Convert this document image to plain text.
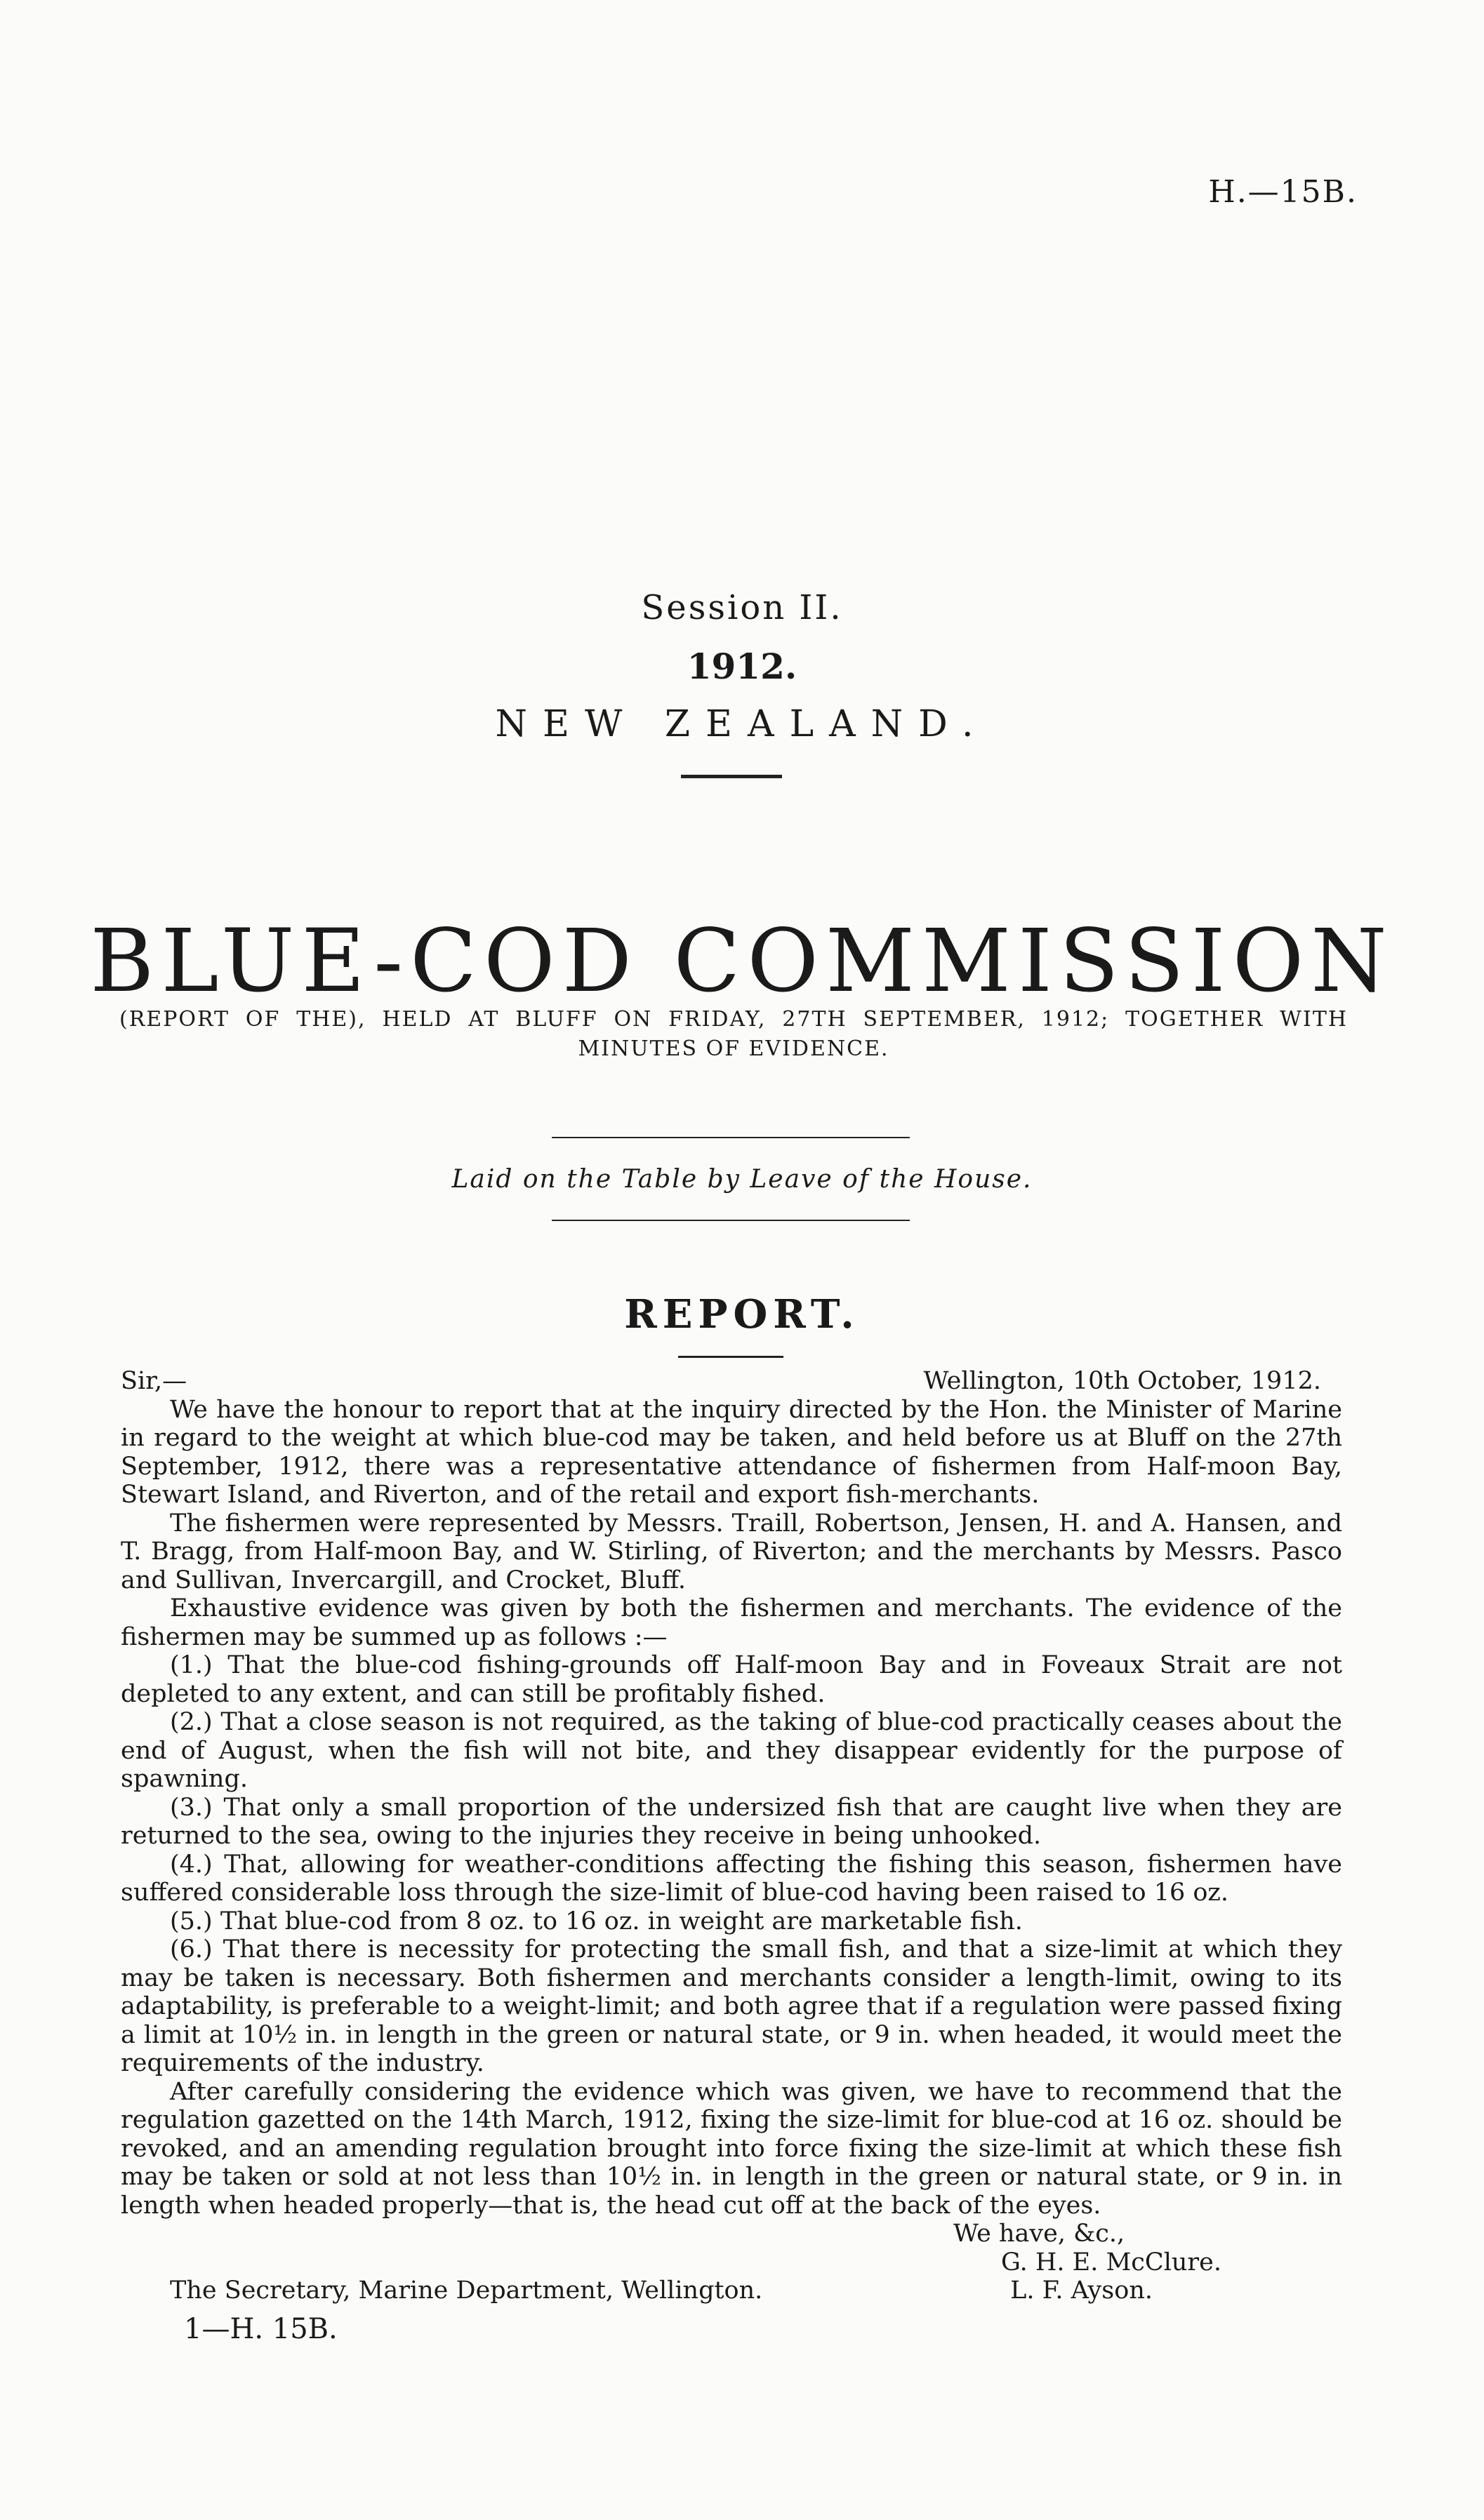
H.—15B.
Session II.
1912.
NEW ZEALAND.
BLUE-COD COMMISSION
(REPORT OF THE), HELD AT BLUFF ON FRIDAY, 27TH SEPTEMBER, 1912; TOGETHER WITH MINUTES OF EVIDENCE.
Laid on the Table by Leave of the House.
REPORT.
Sir,—	Wellington, 10th October, 1912.

We have the honour to report that at the inquiry directed by the Hon. the Minister of Marine in regard to the weight at which blue-cod may be taken, and held before us at Bluff on the 27th September, 1912, there was a representative attendance of fishermen from Half-moon Bay, Stewart Island, and Riverton, and of the retail and export fish-merchants.

The fishermen were represented by Messrs. Traill, Robertson, Jensen, H. and A. Hansen, and T. Bragg, from Half-moon Bay, and W. Stirling, of Riverton; and the merchants by Messrs. Pasco and Sullivan, Invercargill, and Crocket, Bluff.

Exhaustive evidence was given by both the fishermen and merchants. The evidence of the fishermen may be summed up as follows :—

(1.) That the blue-cod fishing-grounds off Half-moon Bay and in Foveaux Strait are not depleted to any extent, and can still be profitably fished.

(2.) That a close season is not required, as the taking of blue-cod practically ceases about the end of August, when the fish will not bite, and they disappear evidently for the purpose of spawning.

(3.) That only a small proportion of the undersized fish that are caught live when they are returned to the sea, owing to the injuries they receive in being unhooked.

(4.) That, allowing for weather-conditions affecting the fishing this season, fishermen have suffered considerable loss through the size-limit of blue-cod having been raised to 16 oz.

(5.) That blue-cod from 8 oz. to 16 oz. in weight are marketable fish.

(6.) That there is necessity for protecting the small fish, and that a size-limit at which they may be taken is necessary. Both fishermen and merchants consider a length-limit, owing to its adaptability, is preferable to a weight-limit; and both agree that if a regulation were passed fixing a limit at 10½ in. in length in the green or natural state, or 9 in. when headed, it would meet the requirements of the industry.

After carefully considering the evidence which was given, we have to recommend that the regulation gazetted on the 14th March, 1912, fixing the size-limit for blue-cod at 16 oz. should be revoked, and an amending regulation brought into force fixing the size-limit at which these fish may be taken or sold at not less than 10½ in. in length in the green or natural state, or 9 in. in length when headed properly—that is, the head cut off at the back of the eyes.

We have, &c.,
G. H. E. McClure.
The Secretary, Marine Department, Wellington.	L. F. Ayson.
1—H. 15B.
